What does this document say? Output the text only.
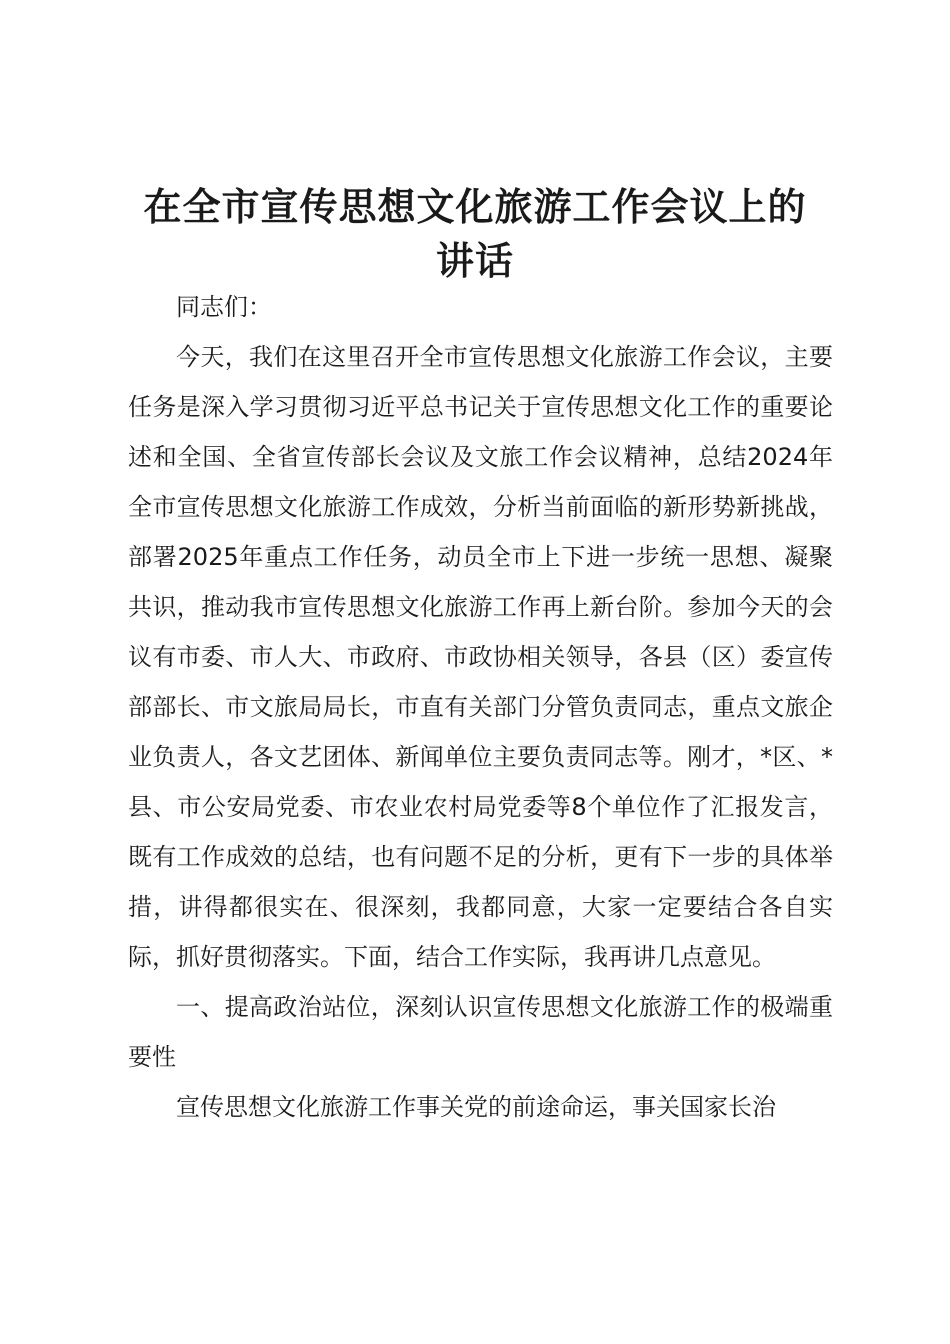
在全市宣传思想文化旅游工作会议上的
讲话

同志们：

今天，我们在这里召开全市宣传思想文化旅游工作会议，主要任务是深入学习贯彻习近平总书记关于宣传思想文化工作的重要论述和全国、全省宣传部长会议及文旅工作会议精神，总结2024年全市宣传思想文化旅游工作成效，分析当前面临的新形势新挑战，部署2025年重点工作任务，动员全市上下进一步统一思想、凝聚共识，推动我市宣传思想文化旅游工作再上新台阶。参加今天的会议有市委、市人大、市政府、市政协相关领导，各县（区）委宣传部部长、市文旅局局长，市直有关部门分管负责同志，重点文旅企业负责人，各文艺团体、新闻单位主要负责同志等。刚才，*区、*县、市公安局党委、市农业农村局党委等8个单位作了汇报发言，既有工作成效的总结，也有问题不足的分析，更有下一步的具体举措，讲得都很实在、很深刻，我都同意，大家一定要结合各自实际，抓好贯彻落实。下面，结合工作实际，我再讲几点意见。

一、提高政治站位，深刻认识宣传思想文化旅游工作的极端重要性

宣传思想文化旅游工作事关党的前途命运，事关国家长治
